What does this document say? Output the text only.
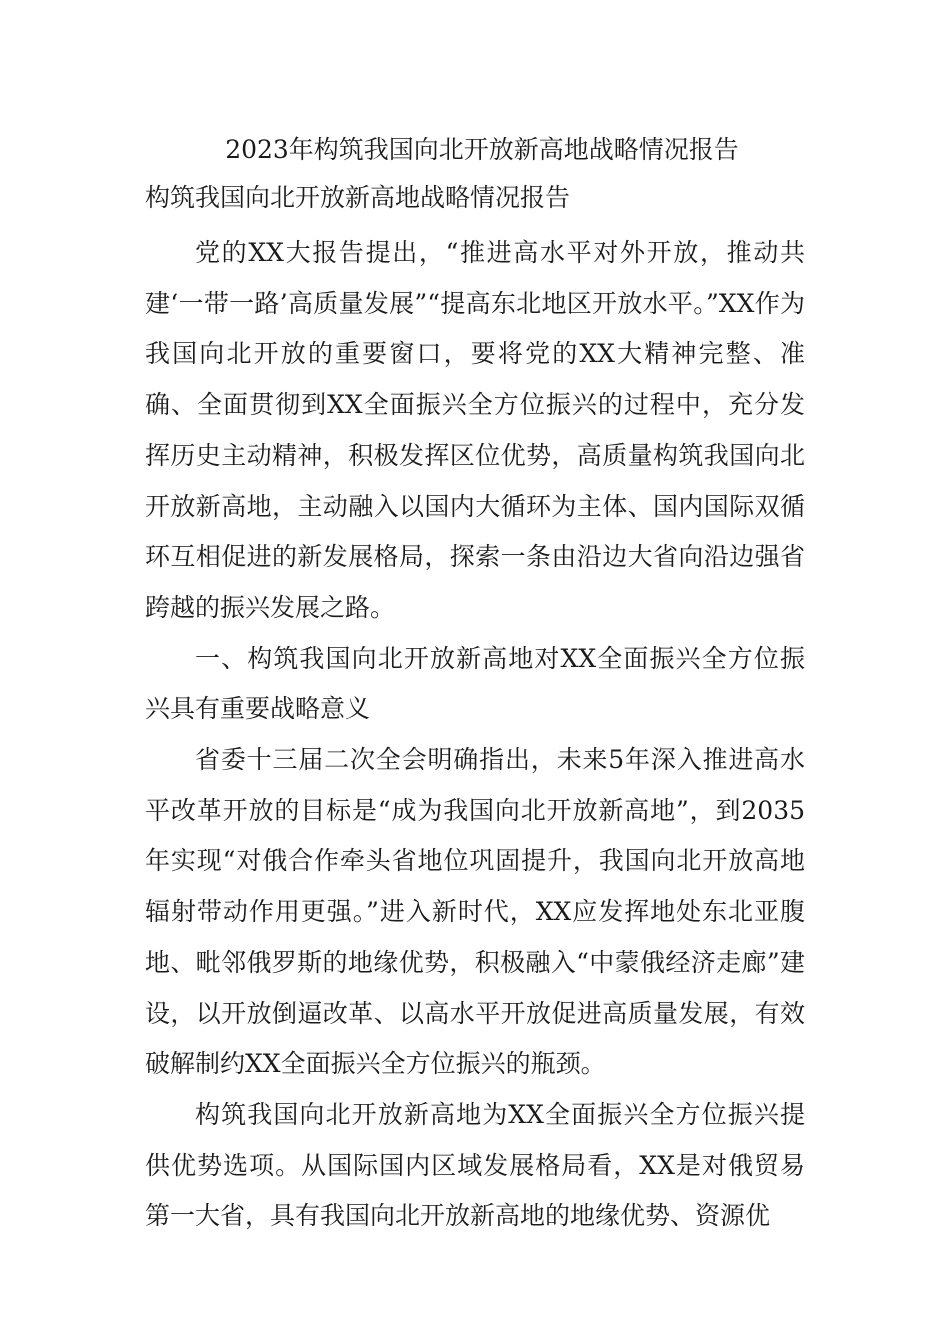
2023年构筑我国向北开放新高地战略情况报告
构筑我国向北开放新高地战略情况报告

党的XX大报告提出，“推进高水平对外开放，推动共建‘一带一路’高质量发展”“提高东北地区开放水平。”XX作为我国向北开放的重要窗口，要将党的XX大精神完整、准确、全面贯彻到XX全面振兴全方位振兴的过程中，充分发挥历史主动精神，积极发挥区位优势，高质量构筑我国向北开放新高地，主动融入以国内大循环为主体、国内国际双循环互相促进的新发展格局，探索一条由沿边大省向沿边强省跨越的振兴发展之路。

一、构筑我国向北开放新高地对XX全面振兴全方位振兴具有重要战略意义

省委十三届二次全会明确指出，未来5年深入推进高水平改革开放的目标是“成为我国向北开放新高地”，到2035年实现“对俄合作牵头省地位巩固提升，我国向北开放高地辐射带动作用更强。”进入新时代，XX应发挥地处东北亚腹地、毗邻俄罗斯的地缘优势，积极融入“中蒙俄经济走廊”建设，以开放倒逼改革、以高水平开放促进高质量发展，有效破解制约XX全面振兴全方位振兴的瓶颈。

构筑我国向北开放新高地为XX全面振兴全方位振兴提供优势选项。从国际国内区域发展格局看，XX是对俄贸易第一大省，具有我国向北开放新高地的地缘优势、资源优
